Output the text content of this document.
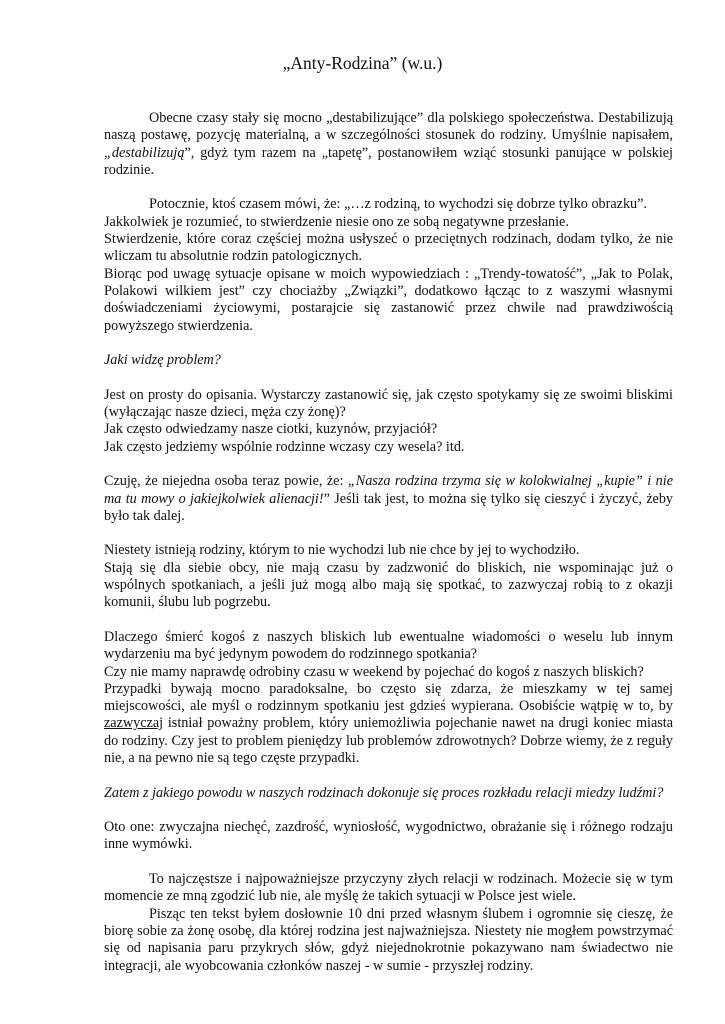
„Anty-Rodzina” (w.u.)

Obecne czasy stały się mocno „destabilizujące” dla polskiego społeczeństwa. Destabilizują naszą postawę, pozycję materialną, a w szczególności stosunek do rodziny. Umyślnie napisałem, „destabilizują”, gdyż tym razem na „tapetę”, postanowiłem wziąć stosunki panujące w polskiej rodzinie.

Potocznie, ktoś czasem mówi, że: „…z rodziną, to wychodzi się dobrze tylko obrazku”.

Jakkolwiek je rozumieć, to stwierdzenie niesie ono ze sobą negatywne przesłanie.

Stwierdzenie, które coraz częściej można usłyszeć o przeciętnych rodzinach, dodam tylko, że nie wliczam tu absolutnie rodzin patologicznych.

Biorąc pod uwagę sytuacje opisane w moich wypowiedziach : „Trendy-towatość”, „Jak to Polak, Polakowi wilkiem jest” czy chociażby „Związki”, dodatkowo łącząc to z waszymi własnymi doświadczeniami życiowymi, postarajcie się zastanowić przez chwile nad prawdziwością powyższego stwierdzenia.

Jaki widzę problem?

Jest on prosty do opisania. Wystarczy zastanowić się, jak często spotykamy się ze swoimi bliskimi (wyłączając nasze dzieci, męża czy żonę)?

Jak często odwiedzamy nasze ciotki, kuzynów, przyjaciół?

Jak często jedziemy wspólnie rodzinne wczasy czy wesela? itd.

Czuję, że niejedna osoba teraz powie, że: „Nasza rodzina trzyma się w kolokwialnej „kupie” i nie ma tu mowy o jakiejkolwiek alienacji!” Jeśli tak jest, to można się tylko się cieszyć i życzyć, żeby było tak dalej.

Niestety istnieją rodziny, którym to nie wychodzi lub nie chce by jej to wychodziło.

Stają się dla siebie obcy, nie mają czasu by zadzwonić do bliskich, nie wspominając już o wspólnych spotkaniach, a jeśli już mogą albo mają się spotkać, to zazwyczaj robią to z okazji komunii, ślubu lub pogrzebu.

Dlaczego śmierć kogoś z naszych bliskich lub ewentualne wiadomości o weselu lub innym wydarzeniu ma być jedynym powodem do rodzinnego spotkania?

Czy nie mamy naprawdę odrobiny czasu w weekend by pojechać do kogoś z naszych bliskich?

Przypadki bywają mocno paradoksalne, bo często się zdarza, że mieszkamy w tej samej miejscowości, ale myśl o rodzinnym spotkaniu jest gdzieś wypierana. Osobiście wątpię w to, by zazwyczaj istniał poważny problem, który uniemożliwia pojechanie nawet na drugi koniec miasta do rodziny. Czy jest to problem pieniędzy lub problemów zdrowotnych? Dobrze wiemy, że z reguły nie, a na pewno nie są tego częste przypadki.

Zatem z jakiego powodu w naszych rodzinach dokonuje się proces rozkładu relacji miedzy ludźmi?

Oto one: zwyczajna niechęć, zazdrość, wyniosłość, wygodnictwo, obrażanie się i różnego rodzaju inne wymówki.

To najczęstsze i najpoważniejsze przyczyny złych relacji w rodzinach. Możecie się w tym momencie ze mną zgodzić lub nie, ale myślę że takich sytuacji w Polsce jest wiele.

Pisząc ten tekst byłem dosłownie 10 dni przed własnym ślubem i ogromnie się cieszę, że biorę sobie za żonę osobę, dla której rodzina jest najważniejsza. Niestety nie mogłem powstrzymać się od napisania paru przykrych słów, gdyż niejednokrotnie pokazywano nam świadectwo nie integracji, ale wyobcowania członków naszej - w sumie - przyszłej rodziny.
